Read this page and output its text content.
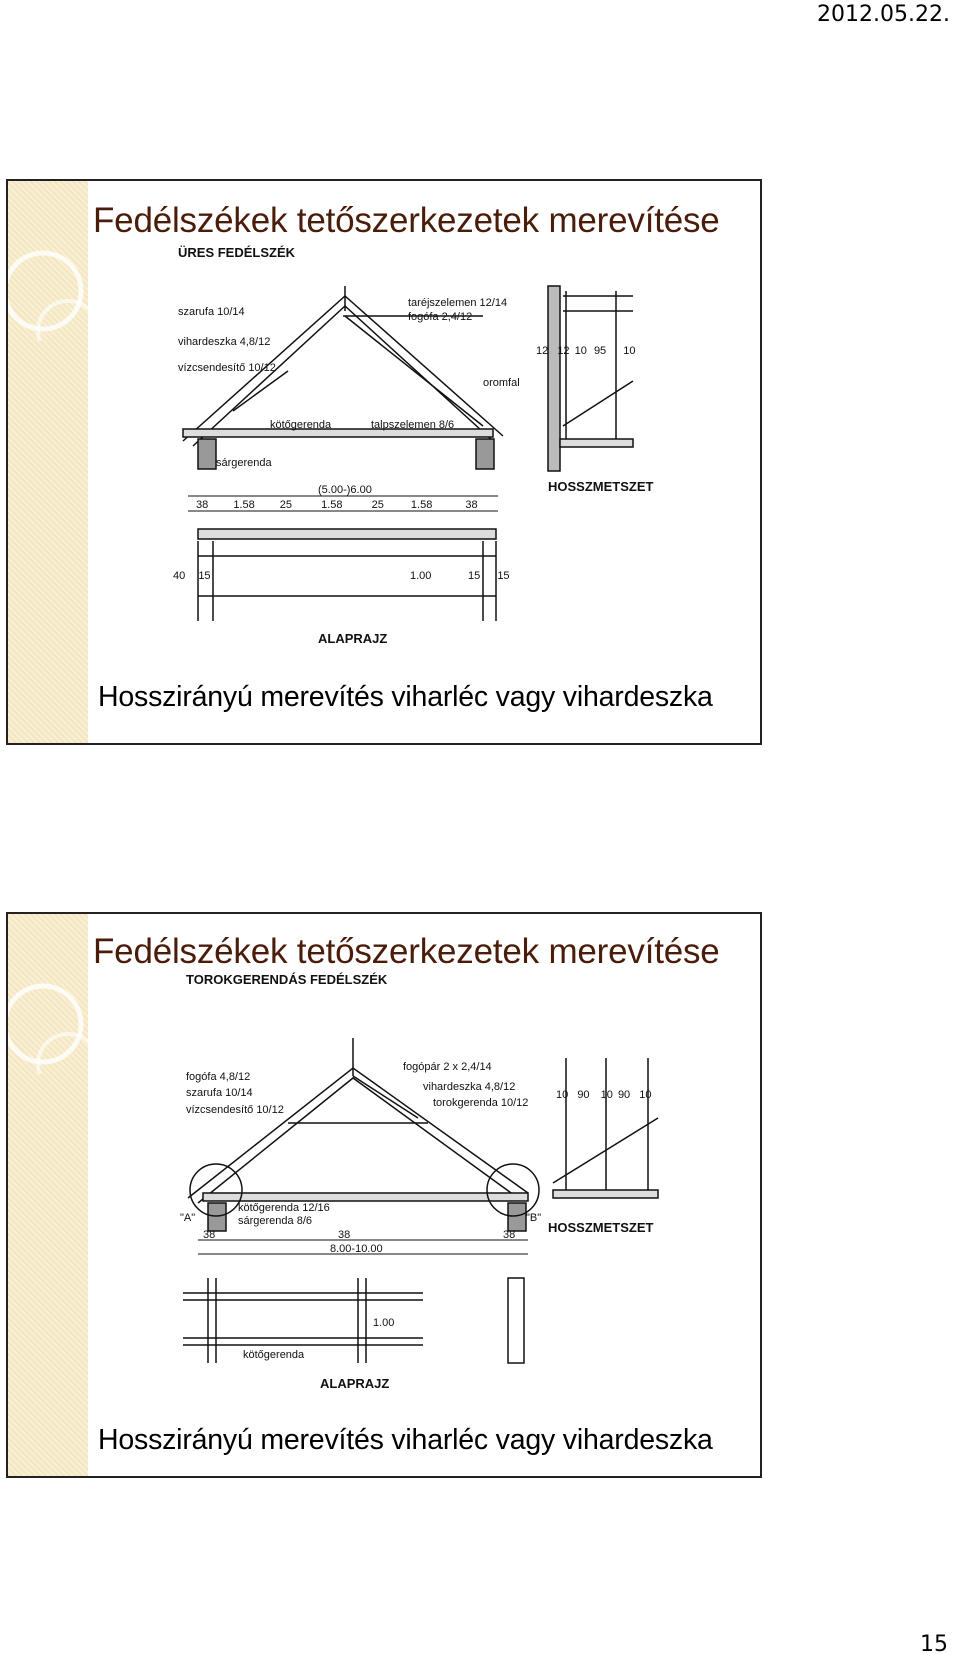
2012.05.22.
Fedélszékek tetőszerkezetek merevítése
ÜRES FEDÉLSZÉK
szarufa 10/14
vihardeszka 4,8/12
vízcsendesítő 10/12
kötőgerenda
sárgerenda
talpszelemen 8/6
taréjszelemen 12/14
fogófa 2,4/12
oromfal
12 12 10 95 10
HOSSZMETSZET
(5.00-)6.00
38 1.58 25	1.58	25 1.58	38
40 15	1.00	15 15
ALAPRAJZ
Hosszirányú merevítés viharléc vagy vihardeszka
Fedélszékek tetőszerkezetek merevítése
TOROKGERENDÁS FEDÉLSZÉK
fogófa 4,8/12
szarufa 10/14
vízcsendesítő 10/12
fogópár 2 x 2,4/14
vihardeszka 4,8/12
torokgerenda 10/12
kötőgerenda 12/16
sárgerenda 8/6
"A"	"B"
10 90 10 90 10
HOSSZMETSZET
38	38	38
8.00-10.00
1.00
kötőgerenda
ALAPRAJZ
Hosszirányú merevítés viharléc vagy vihardeszka
15
